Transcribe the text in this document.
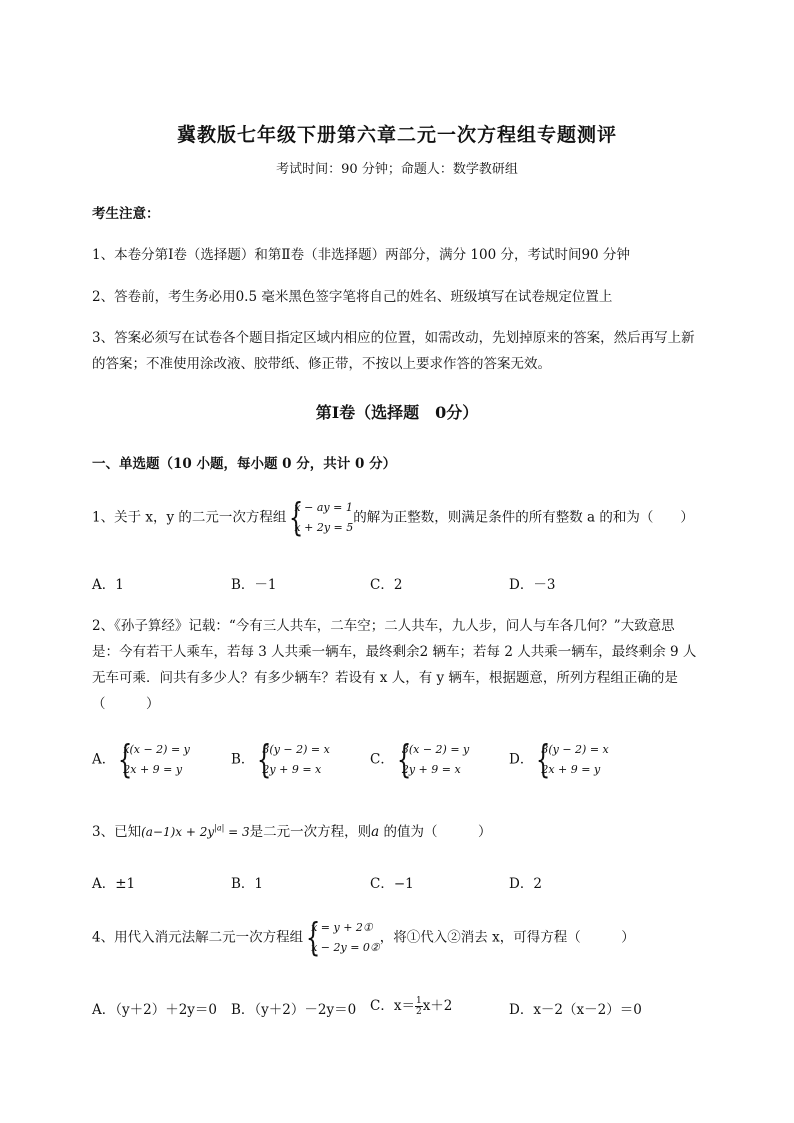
冀教版七年级下册第六章二元一次方程组专题测评
考试时间：90 分钟；命题人：数学教研组
考生注意：
1、本卷分第Ⅰ卷（选择题）和第Ⅱ卷（非选择题）两部分，满分 100 分，考试时间90 分钟
2、答卷前，考生务必用0.5 毫米黑色签字笔将自己的姓名、班级填写在试卷规定位置上
3、答案必须写在试卷各个题目指定区域内相应的位置，如需改动，先划掉原来的答案，然后再写上新
的答案；不准使用涂改液、胶带纸、修正带，不按以上要求作答的答案无效。
第Ⅰ卷（选择题　0分）
一、单选题（10 小题，每小题 0 分，共计 0 分）
1、关于 x，y 的二元一次方程组
{ x − ay = 1
x + 2y = 5
的解为正整数，则满足条件的所有整数 a 的和为（　　）
A．1	B．－1	C．2	D．－3
2、《孙子算经》记载：“今有三人共车，二车空；二人共车，九人步，问人与车各几何？”大致意思
是：今有若干人乘车，若每 3 人共乘一辆车，最终剩余2 辆车；若每 2 人共乘一辆车，最终剩余 9 人
无车可乘．问共有多少人？有多少辆车？若设有 x 人，有 y 辆车，根据题意，所列方程组正确的是
（　　　）
A．
{ x(x − 2) = y
2x + 9 = y
B．
{ 3(y − 2) = x
2y + 9 = x
C．
{ 3(x − 2) = y
2y + 9 = x
D．
{ 3(y − 2) = x
2x + 9 = y
3、已知$(a-1)x + 2y^{|a|} = 3$是二元一次方程，则a 的值为（　　　）
A．±1	B．1	C．−1	D．2
4、用代入消元法解二元一次方程组
{ x = y + 2①
x − 2y = 0②
，将①代入②消去 x，可得方程（　　　）
A．（y＋2）＋2y＝0 B．（y＋2）－2y＝0 C．$x= \frac{1}{2} x+2$	D．x－2（x－2）＝0
